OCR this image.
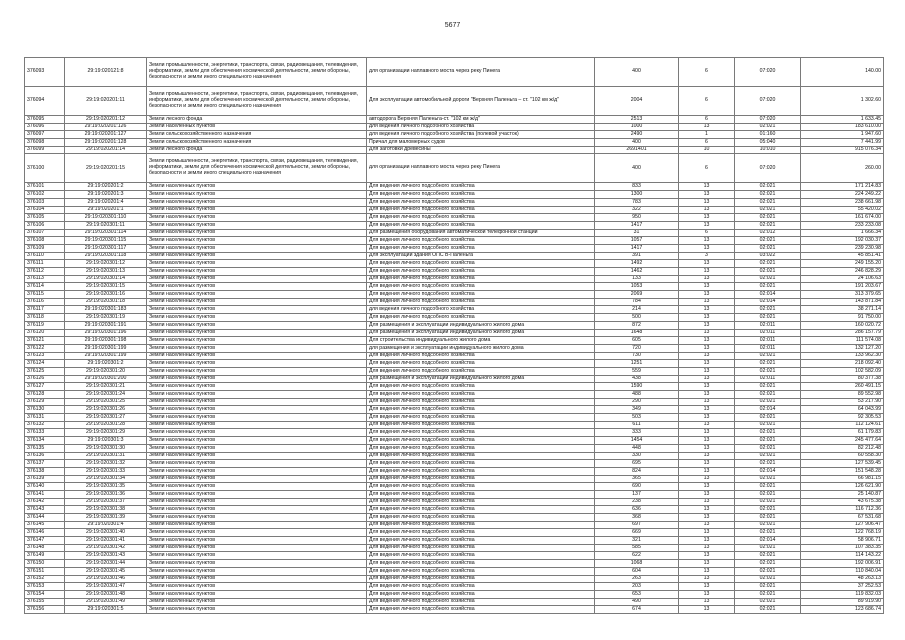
5677
376093	29:19:020121:8	Земли промышленности, энергетики, транспорта, связи, радиовещания, телевидения, информатики, земли для обеспечения космической деятельности, земли обороны, безопасности и земли иного специального назначения	для организации наплавного моста через реку Пинега	400	6	07:020	140.00
376094	29:19:020201:11	Земли промышленности, энергетики, транспорта, связи, радиовещания, телевидения, информатики, земли для обеспечения космической деятельности, земли обороны, безопасности и земли иного специального назначения	Для эксплуатации автомобильной дороги "Верхняя Паленьга – ст. "102 км ж/д"	2004	6	07:020	1 302.60
376095	29:19:020201:12	Земли лесного фонда	автодорога Верхняя Паленьга-ст. "102 км ж/д"	2513	6	07:020	1 633.45
376096	29:19:020201:126	Земли населенных пунктов	для ведения личного подсобного хозяйства	1000	13	02:021	183 610.00
376097	29:19:020201:127	Земли сельскохозяйственного назначения	для ведения личного подсобного хозяйства (полевой участок)	2490	1	01:160	1 947.60
376098	29:19:020201:128	Земли сельскохозяйственного назначения	Причал для маломерных судов	400	6	05:040	7 441.99
376099	29:19:020201:14	Земли лесного фонда	Для заготовки древесины	2691401	10	10:010	915 076.34
376100	29:19:020201:15	Земли промышленности, энергетики, транспорта, связи, радиовещания, телевидения, информатики, земли для обеспечения космической деятельности, земли обороны, безопасности и земли иного специального назначения	для организации наплавного моста через реку Пинега	400	6	07:020	260.00
376101	29:19:020201:2	Земли населенных пунктов	Для ведения личного подсобного хозяйства	833	13	02:021	171 214.83
376102	29:19:020201:3	Земли населенных пунктов	Для ведения личного подсобного хозяйства	1300	13	02:021	224 249.22
376103	29:19:020201:4	Земли населенных пунктов	Для ведения личного подсобного хозяйства	783	13	02:021	238 661.98
376104	29:19:020201:1	Земли населенных пунктов	Для ведения личного подсобного хозяйства	322	13	02:021	55 420.02
376105	29:19:020301:110	Земли населенных пунктов	Для ведения личного подсобного хозяйства	950	13	02:021	161 674.00
376106	29:19:020301:11	Земли населенных пунктов	Для ведения личного подсобного хозяйства	1417	13	02:021	233 233.08
376107	29:19:020301:114	Земли населенных пунктов	Для размещения оборудования автоматической телефонной станции	31	6	02:012	1 666.34
376108	29:19:020301:115	Земли населенных пунктов	Для ведения личного подсобного хозяйства	1057	13	02:021	192 030.37
376109	29:19:020301:117	Земли населенных пунктов	Для ведения личного подсобного хозяйства	1417	13	02:021	239 230.98
376110	29:19:020301:118	Земли населенных пунктов	Для эксплуатации здания ОПС В-Паленьга	391	3	03:022	45 851.41
376111	29:19:020301:12	Земли населенных пунктов	Для ведения личного подсобного хозяйства	1492	13	02:021	249 155.20
376112	29:19:020301:13	Земли населенных пунктов	Для ведения личного подсобного хозяйства	1462	13	02:021	246 828.29
376113	29:19:020301:14	Земли населенных пунктов	Для ведения личного подсобного хозяйства	133	13	02:021	24 106.63
376114	29:19:020301:15	Земли населенных пунктов	Для ведения личного подсобного хозяйства	1053	13	02:021	191 203.67
376115	29:19:020301:16	Земли населенных пунктов	Для ведения личного подсобного хозяйства	2069	13	02:014	313 379.65
376116	29:19:020301:18	Земли населенных пунктов	Для ведения личного подсобного хозяйства	784	13	02:014	143 871.84
376117	29:19:020301:183	Земли населенных пунктов	для ведения личного подсобного хозяйства	214	13	02:021	38 271.14
376118	29:19:020301:19	Земли населенных пунктов	Для ведения личного подсобного хозяйства	500	13	02:021	91 750.00
376119	29:19:020301:191	Земли населенных пунктов	Для размещения и эксплуатации индивидуального жилого дома	872	13	02:011	160 020.72
376120	29:19:020301:196	Земли населенных пунктов	Для размещения и эксплуатации индивидуального жилого дома	1648	13	02:011	286 157.79
376121	29:19:020301:198	Земли населенных пунктов	Для строительства индивидуального жилого дома	605	13	02:011	111 574.08
376122	29:19:020301:199	Земли населенных пунктов	для размещения и эксплуатации индивидуального жилого дома	720	13	02:011	132 127.20
376123	29:19:020301:199	Земли населенных пунктов	Для ведения личного подсобного хозяйства	730	13	02:021	133 962.30
376124	29:19:020301:2	Земли населенных пунктов	Для ведения личного подсобного хозяйства	1251	13	02:021	218 092.40
376125	29:19:020301:20	Земли населенных пунктов	Для ведения личного подсобного хозяйства	559	13	02:021	102 582.09
376126	29:19:020301:200	Земли населенных пунктов	Для размещения и эксплуатации индивидуального жилого дома	438	13	02:011	80 377.38
376127	29:19:020301:21	Земли населенных пунктов	Для ведения личного подсобного хозяйства	1590	13	02:021	260 491.15
376128	29:19:020301:24	Земли населенных пунктов	Для ведения личного подсобного хозяйства	488	13	02:021	89 552.98
376129	29:19:020301:25	Земли населенных пунктов	Для ведения личного подсобного хозяйства	290	13	02:021	53 217.90
376130	29:19:020301:26	Земли населенных пунктов	Для ведения личного подсобного хозяйства	349	13	02:014	64 043.99
376131	29:19:020301:27	Земли населенных пунктов	Для ведения личного подсобного хозяйства	503	13	02:021	92 305.53
376132	29:19:020301:28	Земли населенных пунктов	Для ведения личного подсобного хозяйства	611	13	02:021	112 124.61
376133	29:19:020301:29	Земли населенных пунктов	Для ведения личного подсобного хозяйства	333	13	02:021	61 179.83
376134	29:19:020301:3	Земли населенных пунктов	Для ведения личного подсобного хозяйства	1454	13	02:021	245 477.64
376135	29:19:020301:30	Земли населенных пунктов	Для ведения личного подсобного хозяйства	448	13	02:021	82 212.48
376136	29:19:020301:31	Земли населенных пунктов	Для ведения личного подсобного хозяйства	330	13	02:021	60 558.30
376137	29:19:020301:32	Земли населенных пунктов	Для ведения личного подсобного хозяйства	695	13	02:021	127 539.45
376138	29:19:020301:33	Земли населенных пунктов	Для ведения личного подсобного хозяйства	824	13	02:014	151 548.28
376139	29:19:020301:34	Земли населенных пунктов	Для ведения личного подсобного хозяйства	365	13	02:021	66 981.15
376140	29:19:020301:35	Земли населенных пунктов	Для ведения личного подсобного хозяйства	690	13	02:021	126 621.90
376141	29:19:020301:36	Земли населенных пунктов	Для ведения личного подсобного хозяйства	137	13	02:021	25 140.87
376142	29:19:020301:37	Земли населенных пунктов	Для ведения личного подсобного хозяйства	238	13	02:021	43 675.38
376143	29:19:020301:38	Земли населенных пунктов	Для ведения личного подсобного хозяйства	636	13	02:021	116 712.36
376144	29:19:020301:39	Земли населенных пунктов	Для ведения личного подсобного хозяйства	368	13	02:021	67 531.68
376145	29:19:020301:4	Земли населенных пунктов	Для ведения личного подсобного хозяйства	697	13	02:021	127 906.47
376146	29:19:020301:40	Земли населенных пунктов	Для ведения личного подсобного хозяйства	669	13	02:021	122 768.19
376147	29:19:020301:41	Земли населенных пунктов	Для ведения личного подсобного хозяйства	321	13	02:014	58 906.71
376148	29:19:020301:42	Земли населенных пунктов	Для ведения личного подсобного хозяйства	585	13	02:021	107 383.35
376149	29:19:020301:43	Земли населенных пунктов	Для ведения личного подсобного хозяйства	622	13	02:021	114 143.22
376150	29:19:020301:44	Земли населенных пунктов	Для ведения личного подсобного хозяйства	1068	13	02:021	192 006.91
376151	29:19:020301:45	Земли населенных пунктов	Для ведения личного подсобного хозяйства	604	13	02:021	110 840.04
376152	29:19:020301:46	Земли населенных пунктов	Для ведения личного подсобного хозяйства	263	13	02:021	48 263.13
376153	29:19:020301:47	Земли населенных пунктов	Для ведения личного подсобного хозяйства	203	13	02:021	37 252.53
376154	29:19:020301:48	Земли населенных пунктов	Для ведения личного подсобного хозяйства	653	13	02:021	119 832.03
376155	29:19:020301:49	Земли населенных пунктов	Для ведения личного подсобного хозяйства	490	13	02:021	89 919.90
376156	29:19:020301:5	Земли населенных пунктов	Для ведения личного подсобного хозяйства	674	13	02:021	123 686.74
